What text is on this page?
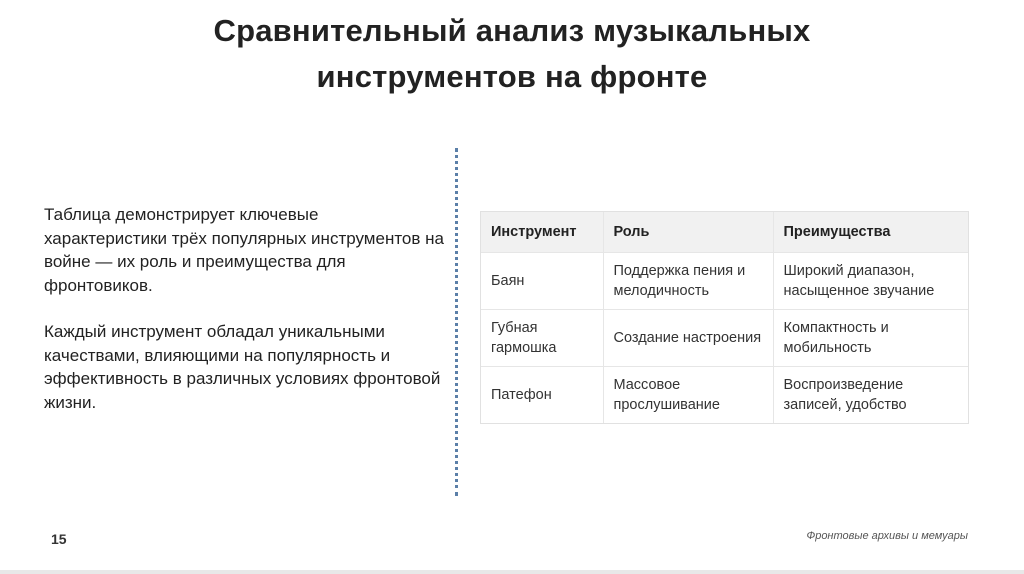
Сравнительный анализ музыкальных
инструментов на фронте

Таблица демонстрирует ключевые характеристики трёх популярных инструментов на войне — их роль и преимущества для фронтовиков.

Каждый инструмент обладал уникальными качествами, влияющими на популярность и эффективность в различных условиях фронтовой жизни.

Инструмент	Роль	Преимущества
Баян	Поддержка пения и мелодичность	Широкий диапазон, насыщенное звучание
Губная гармошка	Создание настроения	Компактность и мобильность
Патефон	Массовое прослушивание	Воспроизведение записей, удобство
15	Фронтовые архивы и мемуары
